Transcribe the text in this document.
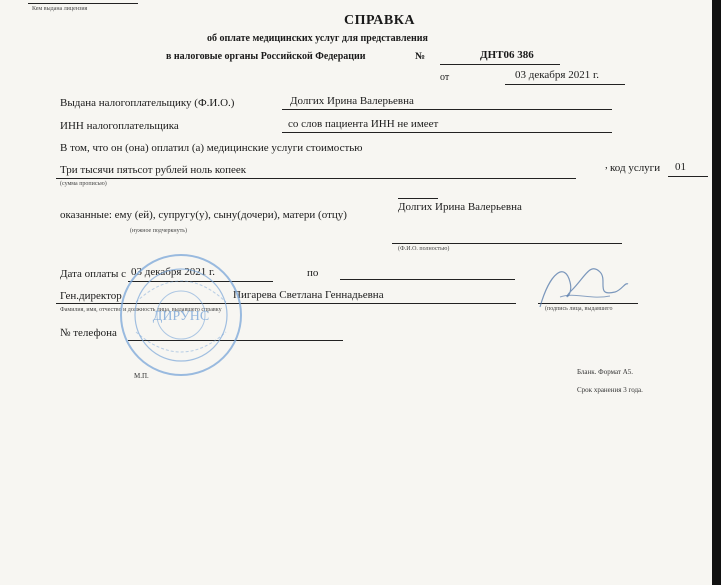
Кем выдана лицензия
СПРАВКА
об оплате медицинских услуг для представления
в налоговые органы Российской Федерации	№	ДНТ06 386
от	03 декабря 2021 г.
Выдана налогоплательщику (Ф.И.О.)	Долгих Ирина Валерьевна
ИНН налогоплательщика	со слов пациента ИНН не имеет
В том, что он (она) оплатил (а) медицинские услуги стоимостью
Три тысячи пятьсот рублей ноль копеек	, код услуги 01
(сумма прописью)
оказанные: ему (ей), супругу(у), сыну(дочери), матери (отцу)
(нужное подчеркнуть)
Долгих Ирина Валерьевна
(Ф.И.О. полностью)
Дата оплаты с 03 декабря 2021 г.	по
Ген.директор	Пигарева Светлана Геннадьевна
Фамилия, имя, отчество и должность лица, выдавшего справку	(подпись лица, выдавшего
№ телефона
М.П.	Бланк. Формат А5.
Срок хранения 3 года.
ДИРУНС
